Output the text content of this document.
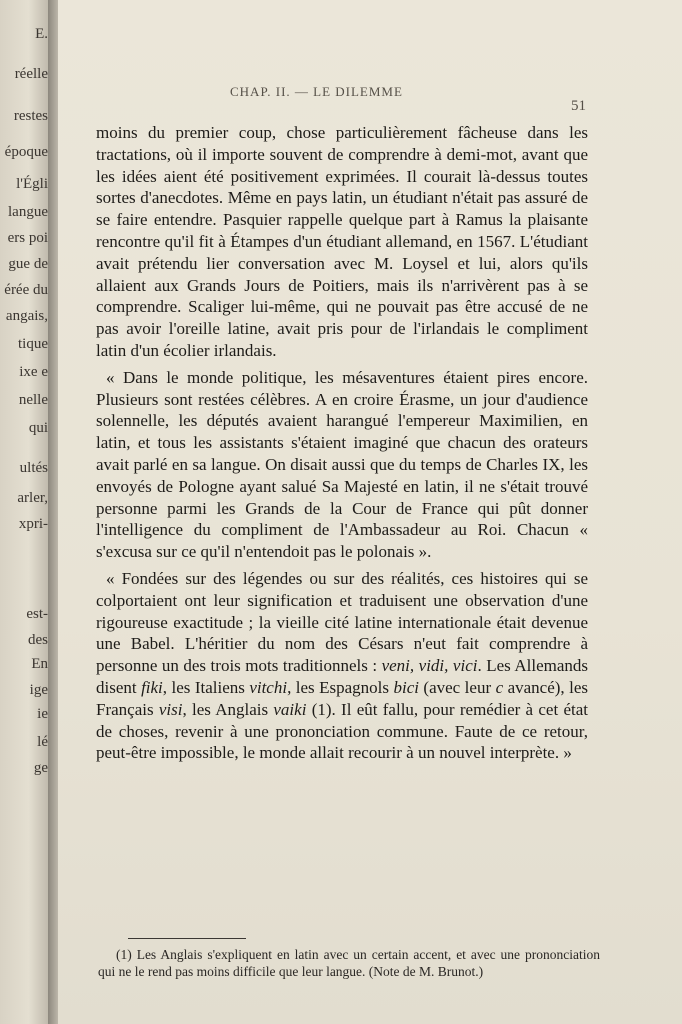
E.
réelle
restes
époque
l'Égli
langue
ers poi
gue de
érée du
angais,
tique
ixe e
nelle
qui
ultés
arler,
xpri-
est-
des
En
ige
ie
lé
ge
CHAP. II. — LE DILEMME
51

moins du premier coup, chose particulièrement fâcheuse dans les tractations, où il importe souvent de comprendre à demi-mot, avant que les idées aient été positivement exprimées. Il courait là-dessus toutes sortes d'anecdotes. Même en pays latin, un étudiant n'était pas assuré de se faire entendre. Pasquier rappelle quelque part à Ramus la plaisante rencontre qu'il fit à Étampes d'un étudiant allemand, en 1567. L'étudiant avait prétendu lier conversation avec M. Loysel et lui, alors qu'ils allaient aux Grands Jours de Poitiers, mais ils n'arrivèrent pas à se comprendre. Scaliger lui-même, qui ne pouvait pas être accusé de ne pas avoir l'oreille latine, avait pris pour de l'irlandais le compliment latin d'un écolier irlandais.

« Dans le monde politique, les mésaventures étaient pires encore. Plusieurs sont restées célèbres. A en croire Érasme, un jour d'audience solennelle, les députés avaient harangué l'empereur Maximilien, en latin, et tous les assistants s'étaient imaginé que chacun des orateurs avait parlé en sa langue. On disait aussi que du temps de Charles IX, les envoyés de Pologne ayant salué Sa Majesté en latin, il ne s'était trouvé personne parmi les Grands de la Cour de France qui pût donner l'intelligence du compliment de l'Ambassadeur au Roi. Chacun « s'excusa sur ce qu'il n'entendoit pas le polonais ».

« Fondées sur des légendes ou sur des réalités, ces histoires qui se colportaient ont leur signification et traduisent une observation d'une rigoureuse exactitude ; la vieille cité latine internationale était devenue une Babel. L'héritier du nom des Césars n'eut fait comprendre à personne un des trois mots traditionnels : veni, vidi, vici. Les Allemands disent fiki, les Italiens vitchi, les Espagnols bici (avec leur c avancé), les Français visi, les Anglais vaiki (1). Il eût fallu, pour remédier à cet état de choses, revenir à une prononciation commune. Faute de ce retour, peut-être impossible, le monde allait recourir à un nouvel interprète. »

(1) Les Anglais s'expliquent en latin avec un certain accent, et avec une prononciation qui ne le rend pas moins difficile que leur langue. (Note de M. Brunot.)
